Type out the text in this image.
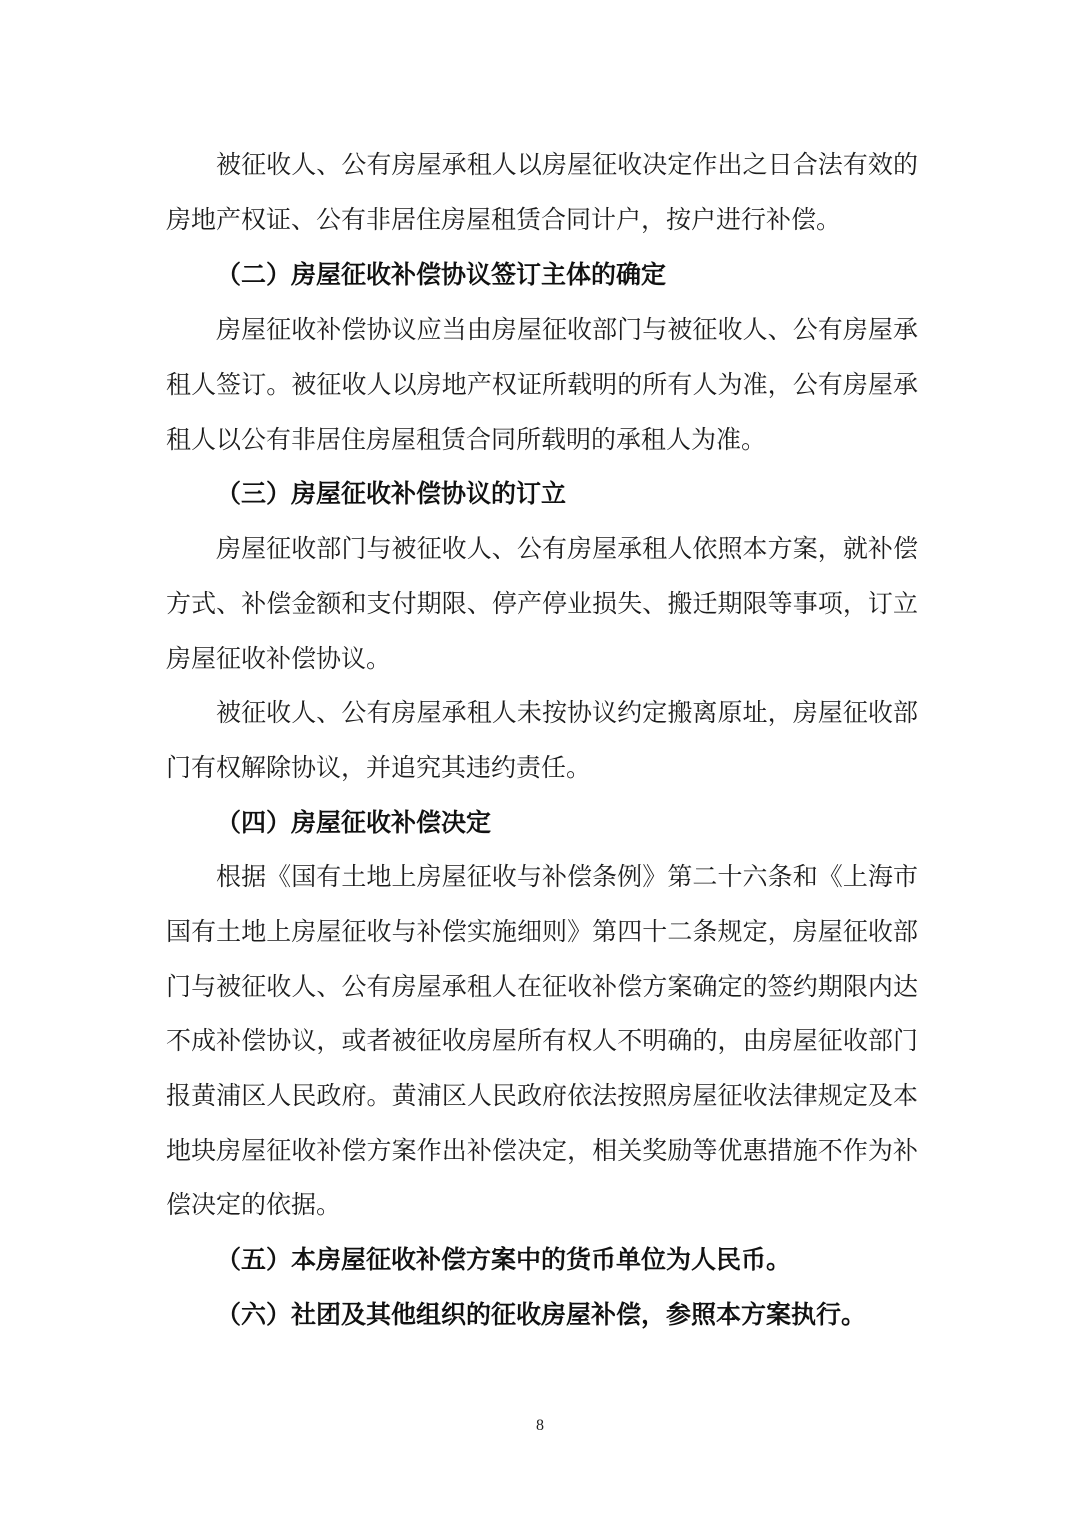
被征收人、公有房屋承租人以房屋征收决定作出之日合法有效的
房地产权证、公有非居住房屋租赁合同计户，按户进行补偿。
（二）房屋征收补偿协议签订主体的确定
房屋征收补偿协议应当由房屋征收部门与被征收人、公有房屋承
租人签订。被征收人以房地产权证所载明的所有人为准，公有房屋承
租人以公有非居住房屋租赁合同所载明的承租人为准。
（三）房屋征收补偿协议的订立
房屋征收部门与被征收人、公有房屋承租人依照本方案，就补偿
方式、补偿金额和支付期限、停产停业损失、搬迁期限等事项，订立
房屋征收补偿协议。
被征收人、公有房屋承租人未按协议约定搬离原址，房屋征收部
门有权解除协议，并追究其违约责任。
（四）房屋征收补偿决定
根据《国有土地上房屋征收与补偿条例》第二十六条和《上海市
国有土地上房屋征收与补偿实施细则》第四十二条规定，房屋征收部
门与被征收人、公有房屋承租人在征收补偿方案确定的签约期限内达
不成补偿协议，或者被征收房屋所有权人不明确的，由房屋征收部门
报黄浦区人民政府。黄浦区人民政府依法按照房屋征收法律规定及本
地块房屋征收补偿方案作出补偿决定，相关奖励等优惠措施不作为补
偿决定的依据。
（五）本房屋征收补偿方案中的货币单位为人民币。
（六）社团及其他组织的征收房屋补偿，参照本方案执行。
8
